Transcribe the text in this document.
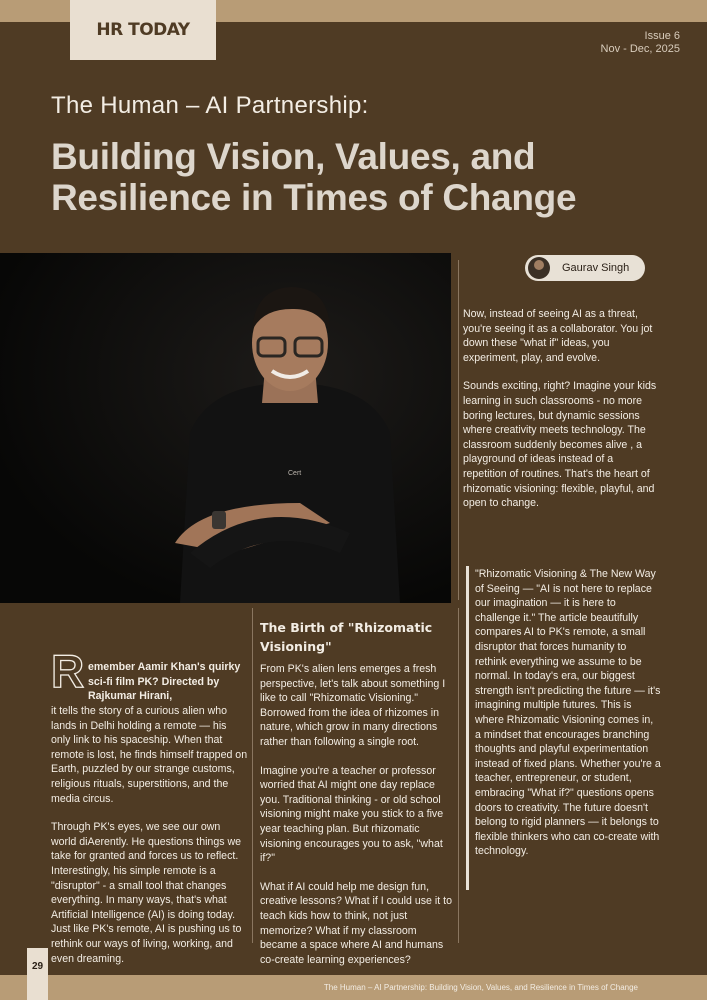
HR TODAY	Issue 6
Nov - Dec, 2025
The Human – AI Partnership:
Building Vision, Values, and
Resilience in Times of Change
Cert
Gaurav Singh
R emember Aamir Khan's quirky sci-fi film PK? Directed by Rajkumar Hirani,

it tells the story of a curious alien who lands in Delhi holding a remote — his only link to his spaceship. When that remote is lost, he finds himself trapped on Earth, puzzled by our strange customs, religious rituals, superstitions, and the media circus.

Through PK's eyes, we see our own world diAerently. He questions things we take for granted and forces us to reflect. Interestingly, his simple remote is a "disruptor" - a small tool that changes everything. In many ways, that's what Artificial Intelligence (AI) is doing today. Just like PK's remote, AI is pushing us to rethink our ways of living, working, and even dreaming.

The Birth of "Rhizomatic Visioning"

From PK's alien lens emerges a fresh perspective, let's talk about something I like to call "Rhizomatic Visioning." Borrowed from the idea of rhizomes in nature, which grow in many directions rather than following a single root.

Imagine you're a teacher or professor worried that AI might one day replace you. Traditional thinking - or old school visioning might make you stick to a five year teaching plan. But rhizomatic visioning encourages you to ask, "what if?"

What if AI could help me design fun, creative lessons? What if I could use it to teach kids how to think, not just memorize? What if my classroom became a space where AI and humans co-create learning experiences?

Now, instead of seeing AI as a threat, you're seeing it as a collaborator. You jot down these "what if" ideas, you experiment, play, and evolve.

Sounds exciting, right? Imagine your kids learning in such classrooms - no more boring lectures, but dynamic sessions where creativity meets technology. The classroom suddenly becomes alive , a playground of ideas instead of a repetition of routines. That's the heart of rhizomatic visioning: flexible, playful, and open to change.

"Rhizomatic Visioning & The New Way of Seeing — "AI is not here to replace our imagination — it is here to challenge it." The article beautifully compares AI to PK's remote, a small disruptor that forces humanity to rethink everything we assume to be normal. In today's era, our biggest strength isn't predicting the future — it's imagining multiple futures. This is where Rhizomatic Visioning comes in, a mindset that encourages branching thoughts and playful experimentation instead of fixed plans. Whether you're a teacher, entrepreneur, or student, embracing "What if?" questions opens doors to creativity. The future doesn't belong to rigid planners — it belongs to flexible thinkers who can co-create with technology.
29
The Human – AI Partnership: Building Vision, Values, and Resilience in Times of Change
